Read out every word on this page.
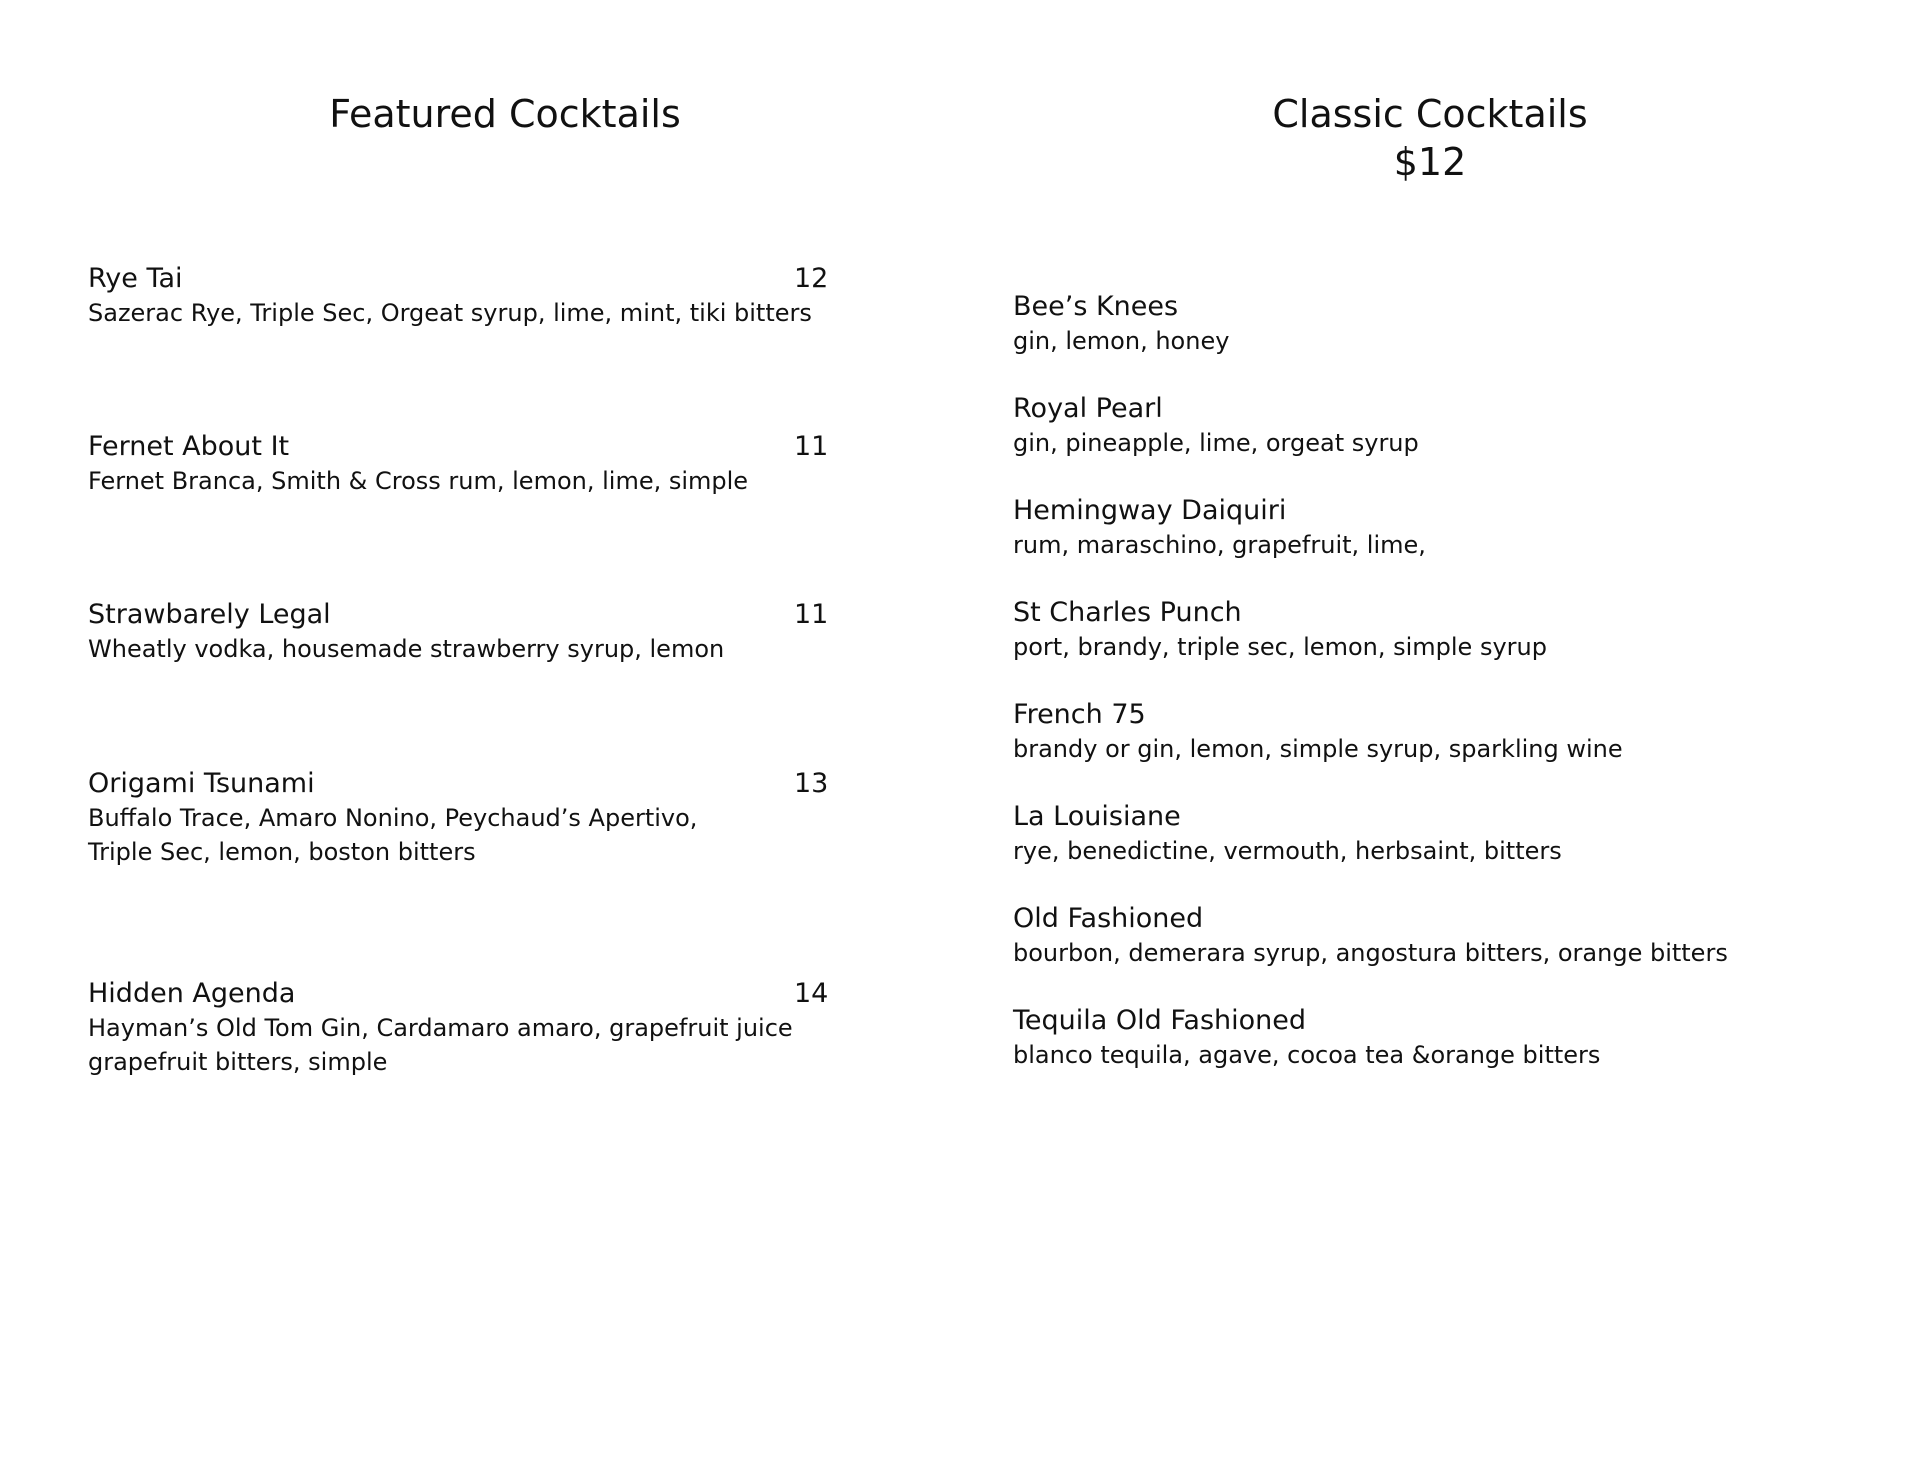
Featured Cocktails
Rye Tai
Sazerac Rye, Triple Sec, Orgeat syrup, lime, mint, tiki bitters
12
Fernet About It
Fernet Branca, Smith & Cross rum, lemon, lime, simple
11
Strawbarely Legal
Wheatly vodka, housemade strawberry syrup, lemon
11
Origami Tsunami
Buffalo Trace, Amaro Nonino, Peychaud’s Apertivo,
Triple Sec, lemon, boston bitters
13
Hidden Agenda
Hayman’s Old Tom Gin, Cardamaro amaro, grapefruit juice
grapefruit bitters, simple
14
Classic Cocktails
$12
Bee’s Knees
gin, lemon, honey
Royal Pearl
gin, pineapple, lime, orgeat syrup
Hemingway Daiquiri
rum, maraschino, grapefruit, lime,
St Charles Punch
port, brandy, triple sec, lemon, simple syrup
French 75
brandy or gin, lemon, simple syrup, sparkling wine
La Louisiane
rye, benedictine, vermouth, herbsaint, bitters
Old Fashioned
bourbon, demerara syrup, angostura bitters, orange bitters
Tequila Old Fashioned
blanco tequila, agave, cocoa tea &orange bitters
